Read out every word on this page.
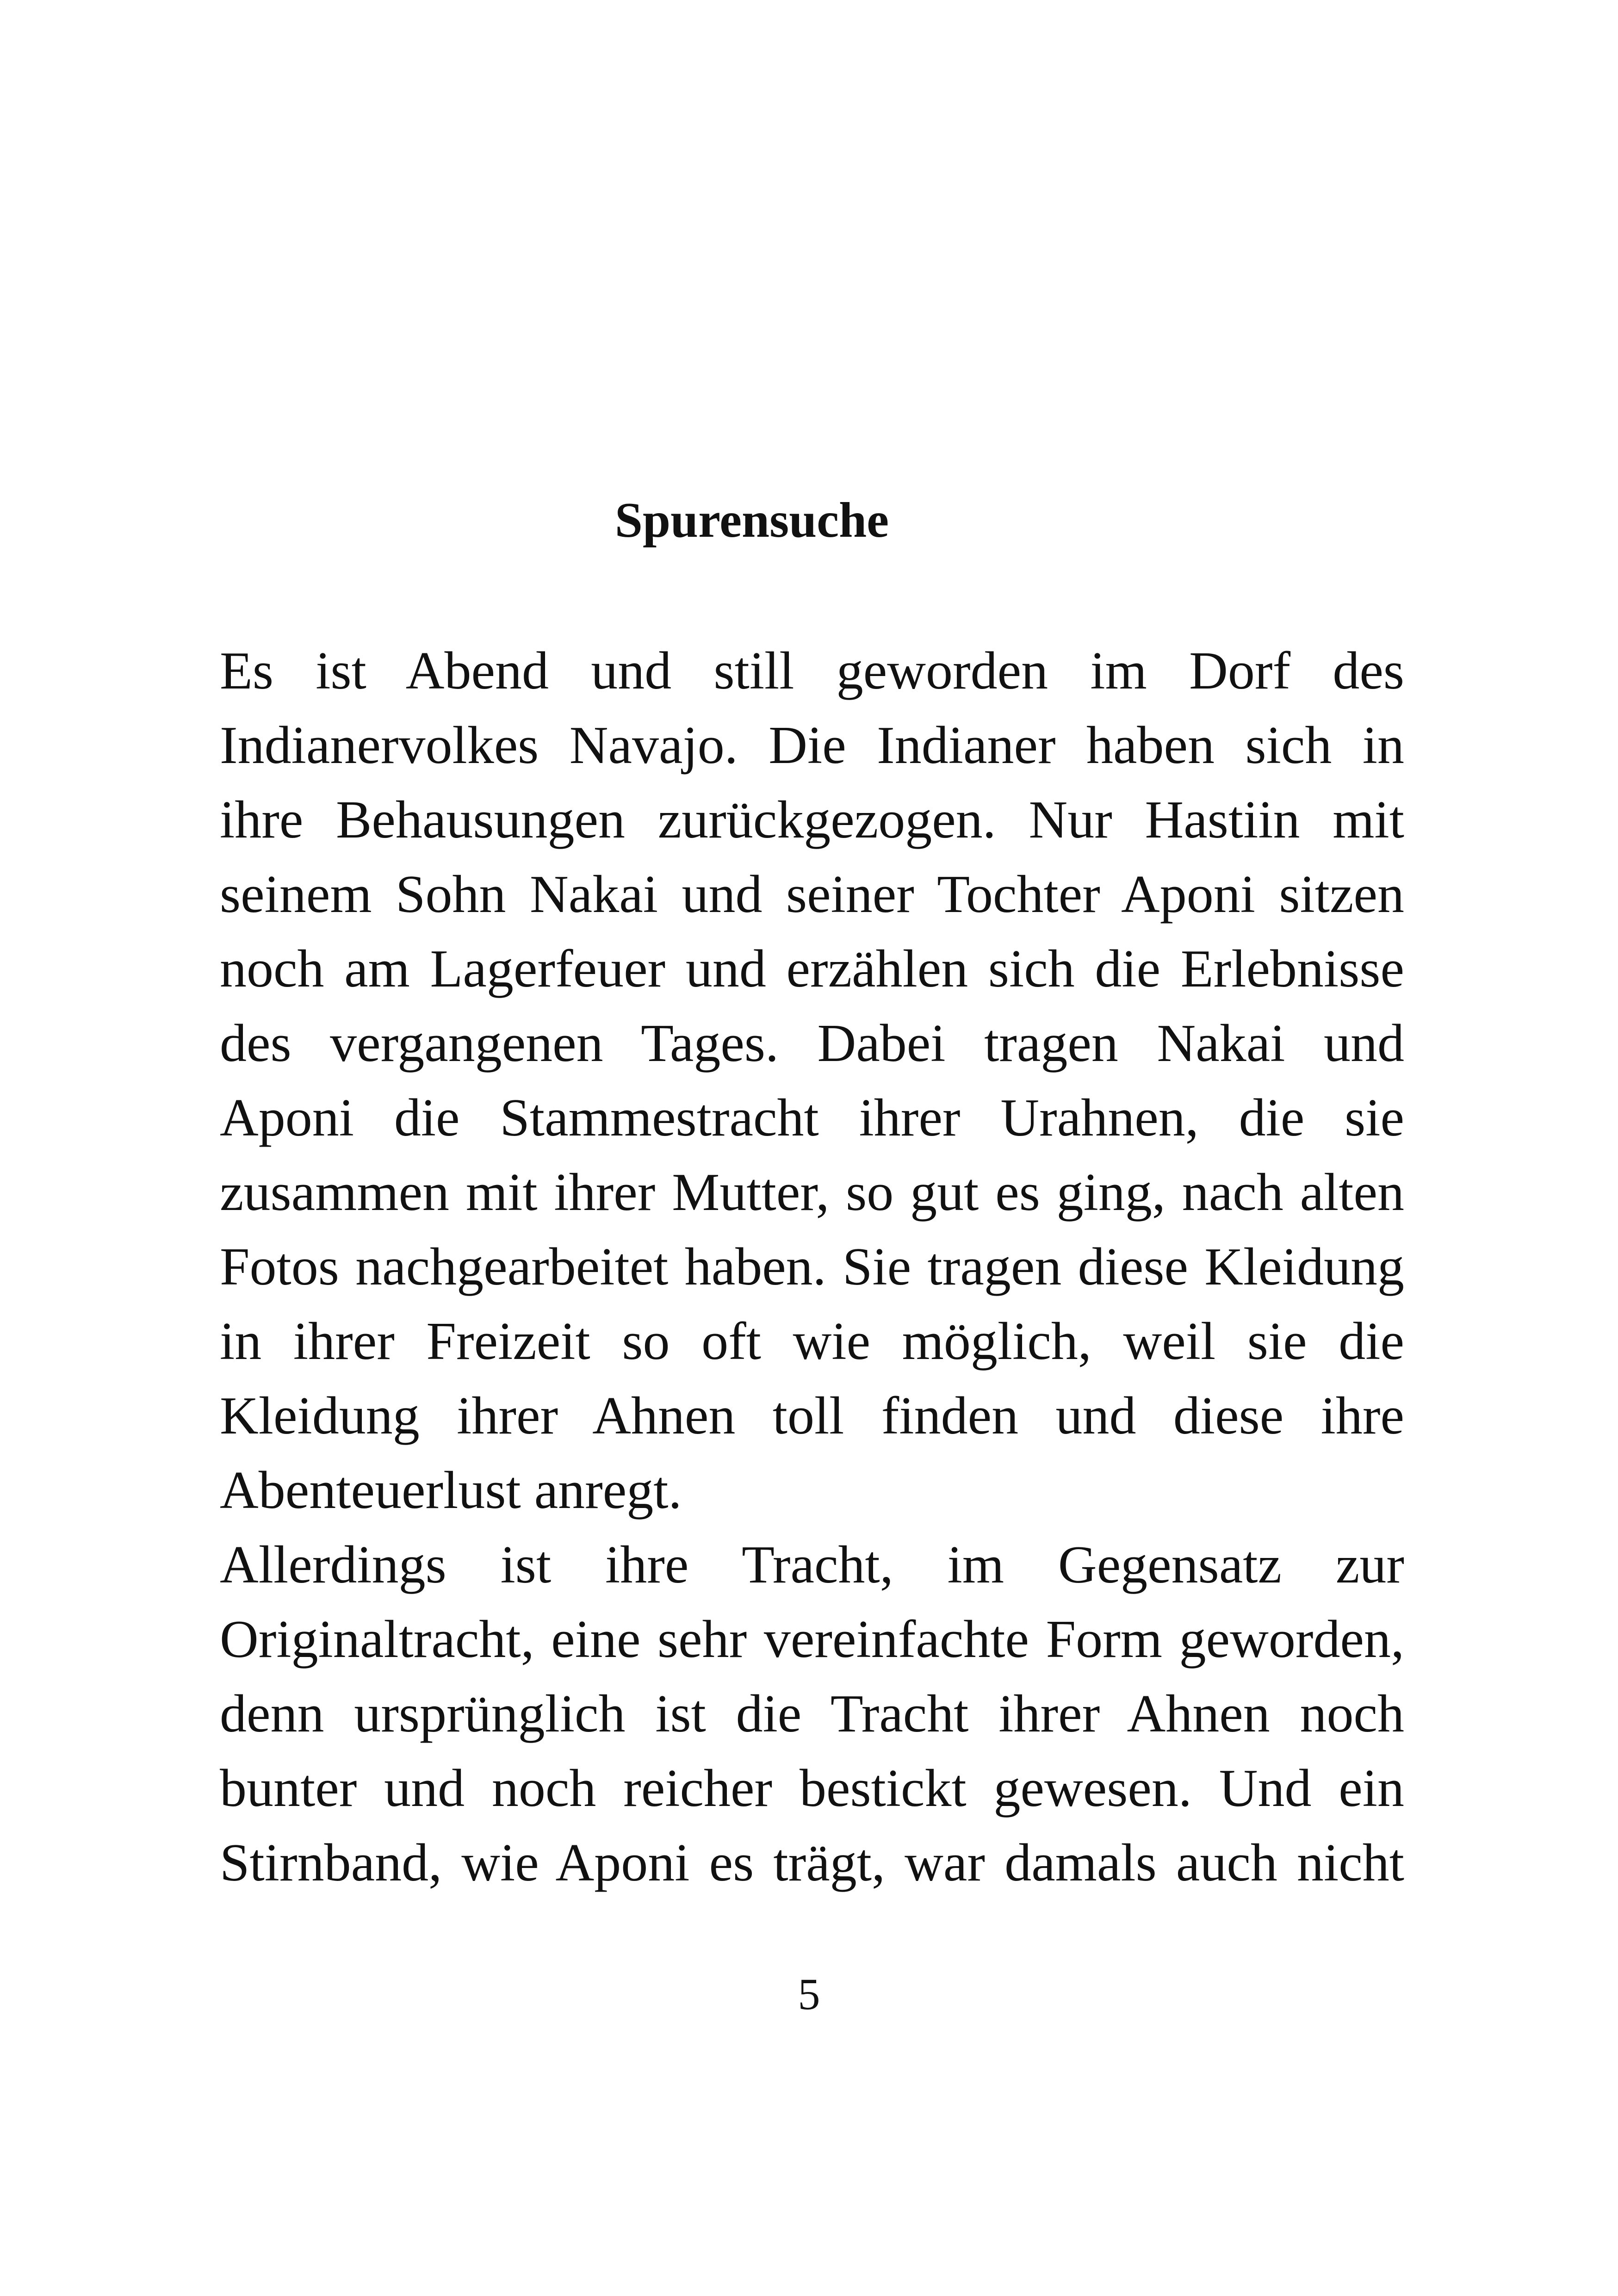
Spurensuche
Es ist Abend und still geworden im Dorf des
Indianervolkes Navajo. Die Indianer haben sich in
ihre Behausungen zurückgezogen. Nur Hastiin mit
seinem Sohn Nakai und seiner Tochter Aponi sitzen
noch am Lagerfeuer und erzählen sich die Erlebnisse
des vergangenen Tages. Dabei tragen Nakai und
Aponi die Stammestracht ihrer Urahnen, die sie
zusammen mit ihrer Mutter, so gut es ging, nach alten
Fotos nachgearbeitet haben. Sie tragen diese Kleidung
in ihrer Freizeit so oft wie möglich, weil sie die
Kleidung ihrer Ahnen toll finden und diese ihre
Abenteuerlust anregt.
Allerdings ist ihre Tracht, im Gegensatz zur
Originaltracht, eine sehr vereinfachte Form geworden,
denn ursprünglich ist die Tracht ihrer Ahnen noch
bunter und noch reicher bestickt gewesen. Und ein
Stirnband, wie Aponi es trägt, war damals auch nicht
5
